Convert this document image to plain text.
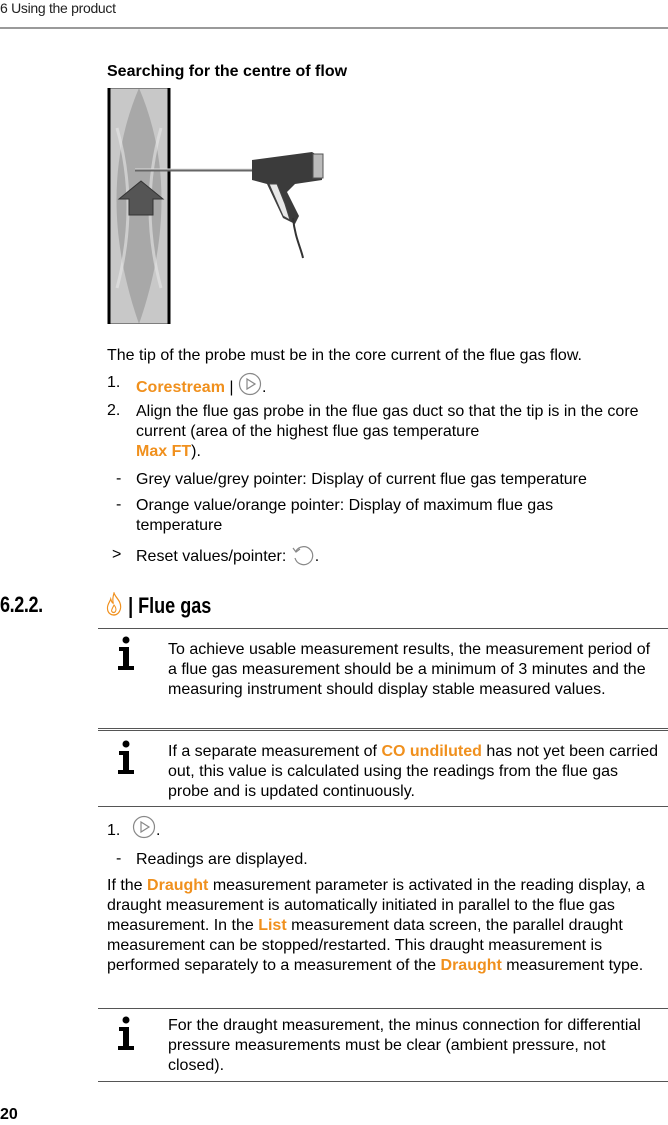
6 Using the product
Searching for the centre of flow
The tip of the probe must be in the core current of the flue gas flow.
1. Corestream | .
2. Align the flue gas probe in the flue gas duct so that the tip is in the core current (area of the highest flue gas temperature
Max FT).
- Grey value/grey pointer: Display of current flue gas temperature
- Orange value/orange pointer: Display of maximum flue gas temperature
> Reset values/pointer: .
6.2.2.	| Flue gas
To achieve usable measurement results, the measurement period of a flue gas measurement should be a minimum of 3 minutes and the measuring instrument should display stable measured values.
If a separate measurement of CO undiluted has not yet been carried out, this value is calculated using the readings from the flue gas probe and is updated continuously.
1.	.
- Readings are displayed.
If the Draught measurement parameter is activated in the reading display, a draught measurement is automatically initiated in parallel to the flue gas measurement. In the List measurement data screen, the parallel draught measurement can be stopped/restarted. This draught measurement is performed separately to a measurement of the Draught measurement type.
For the draught measurement, the minus connection for differential pressure measurements must be clear (ambient pressure, not closed).
20
